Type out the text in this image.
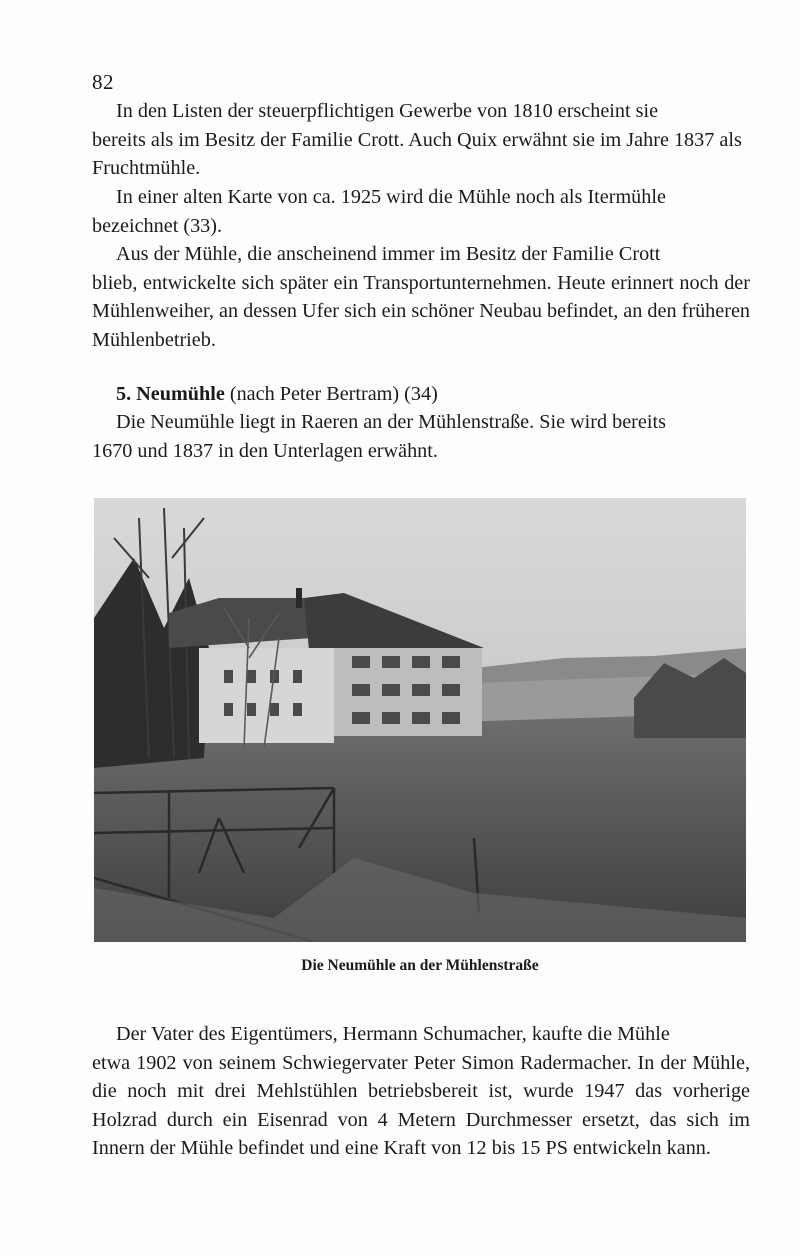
82
In den Listen der steuerpflichtigen Gewerbe von 1810 erscheint sie
bereits als im Besitz der Familie Crott. Auch Quix erwähnt sie im Jahre 1837 als Fruchtmühle.
In einer alten Karte von ca. 1925 wird die Mühle noch als Itermühle
bezeichnet (33).
Aus der Mühle, die anscheinend immer im Besitz der Familie Crott
blieb, entwickelte sich später ein Transportunternehmen. Heute erinnert noch der Mühlenweiher, an dessen Ufer sich ein schöner Neubau befindet, an den früheren Mühlenbetrieb.
5. Neumühle (nach Peter Bertram) (34)
Die Neumühle liegt in Raeren an der Mühlenstraße. Sie wird bereits
1670 und 1837 in den Unterlagen erwähnt.
Die Neumühle an der Mühlenstraße
Der Vater des Eigentümers, Hermann Schumacher, kaufte die Mühle
etwa 1902 von seinem Schwiegervater Peter Simon Radermacher. In der Mühle, die noch mit drei Mehlstühlen betriebsbereit ist, wurde 1947 das vorherige Holzrad durch ein Eisenrad von 4 Metern Durchmesser ersetzt, das sich im Innern der Mühle befindet und eine Kraft von 12 bis 15 PS entwickeln kann.
